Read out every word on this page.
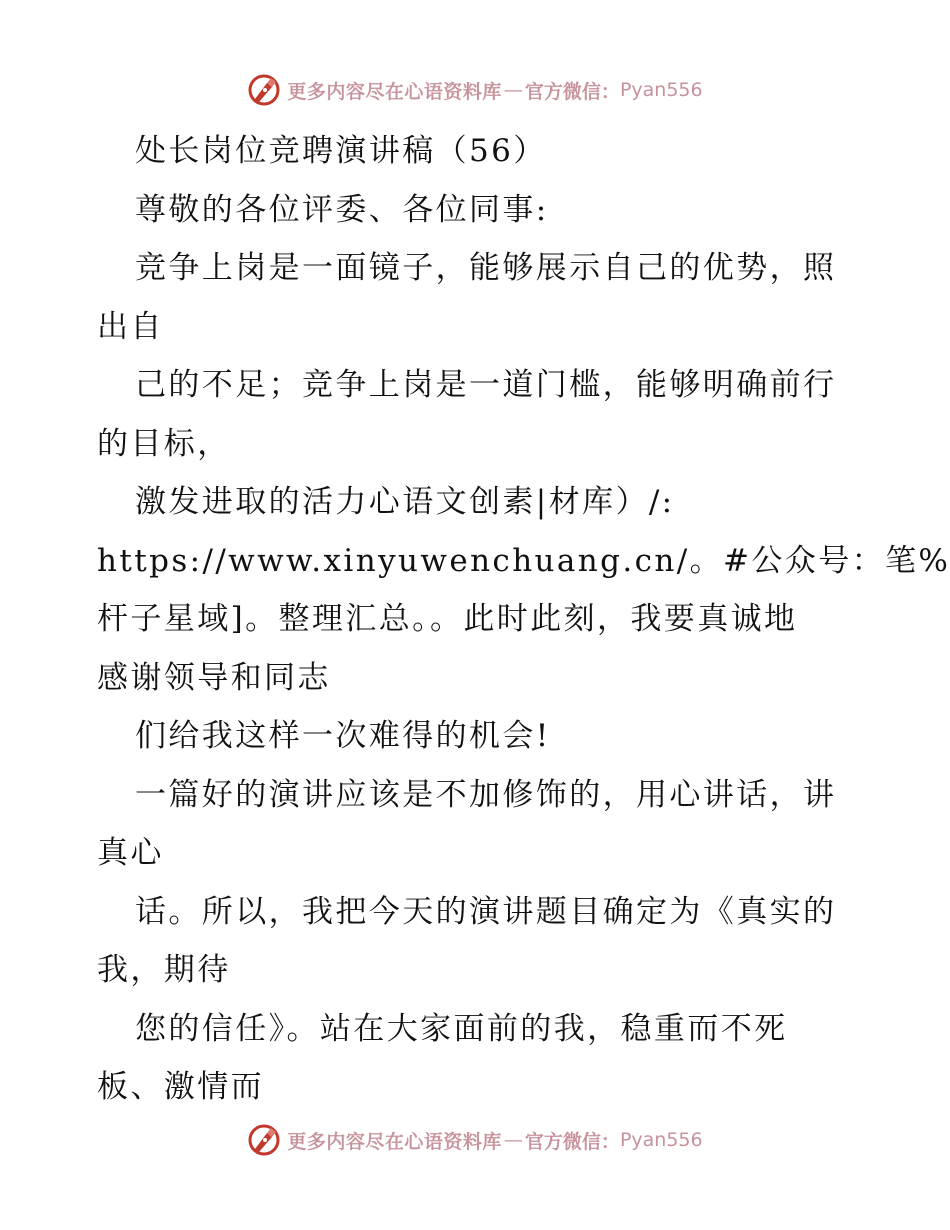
更多内容尽在心语资料库 — 官方微信： Pyan556
处长岗位竞聘演讲稿（56）
尊敬的各位评委、各位同事:
竞争上岗是一面镜子，能够展示自己的优势，照
出自
己的不足；竞争上岗是一道门槛，能够明确前行
的目标，
激发进取的活力心语文创素|材库）/:
https://www.xinyuwenchuang.cn/。#公众号：笔%
杆子星域]。整理汇总。。此时此刻，我要真诚地
感谢领导和同志
们给我这样一次难得的机会!
一篇好的演讲应该是不加修饰的，用心讲话，讲
真心
话。所以，我把今天的演讲题目确定为《真实的
我，期待
您的信任》。站在大家面前的我，稳重而不死
板、激情而
更多内容尽在心语资料库 — 官方微信： Pyan556
